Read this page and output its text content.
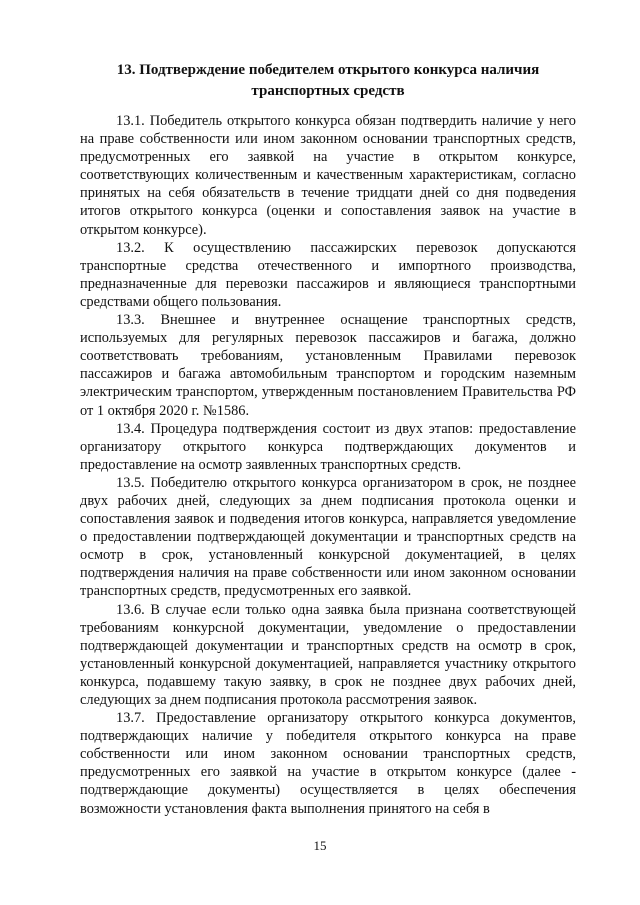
13. Подтверждение победителем открытого конкурса наличия транспортных средств

13.1. Победитель открытого конкурса обязан подтвердить наличие у него на праве собственности или ином законном основании транспортных средств, предусмотренных его заявкой на участие в открытом конкурсе, соответствующих количественным и качественным характеристикам, согласно принятых на себя обязательств в течение тридцати дней со дня подведения итогов открытого конкурса (оценки и сопоставления заявок на участие в открытом конкурсе).

13.2. К осуществлению пассажирских перевозок допускаются транспортные средства отечественного и импортного производства, предназначенные для перевозки пассажиров и являющиеся транспортными средствами общего пользования.

13.3. Внешнее и внутреннее оснащение транспортных средств, используемых для регулярных перевозок пассажиров и багажа, должно соответствовать требованиям, установленным Правилами перевозок пассажиров и багажа автомобильным транспортом и городским наземным электрическим транспортом, утвержденным постановлением Правительства РФ от 1 октября 2020 г. №1586.

13.4. Процедура подтверждения состоит из двух этапов: предоставление организатору открытого конкурса подтверждающих документов и предоставление на осмотр заявленных транспортных средств.

13.5. Победителю открытого конкурса организатором в срок, не позднее двух рабочих дней, следующих за днем подписания протокола оценки и сопоставления заявок и подведения итогов конкурса, направляется уведомление о предоставлении подтверждающей документации и транспортных средств на осмотр в срок, установленный конкурсной документацией, в целях подтверждения наличия на праве собственности или ином законном основании транспортных средств, предусмотренных его заявкой.

13.6. В случае если только одна заявка была признана соответствующей требованиям конкурсной документации, уведомление о предоставлении подтверждающей документации и транспортных средств на осмотр в срок, установленный конкурсной документацией, направляется участнику открытого конкурса, подавшему такую заявку, в срок не позднее двух рабочих дней, следующих за днем подписания протокола рассмотрения заявок.

13.7. Предоставление организатору открытого конкурса документов, подтверждающих наличие у победителя открытого конкурса на праве собственности или ином законном основании транспортных средств, предусмотренных его заявкой на участие в открытом конкурсе (далее - подтверждающие документы) осуществляется в целях обеспечения возможности установления факта выполнения принятого на себя в

15
